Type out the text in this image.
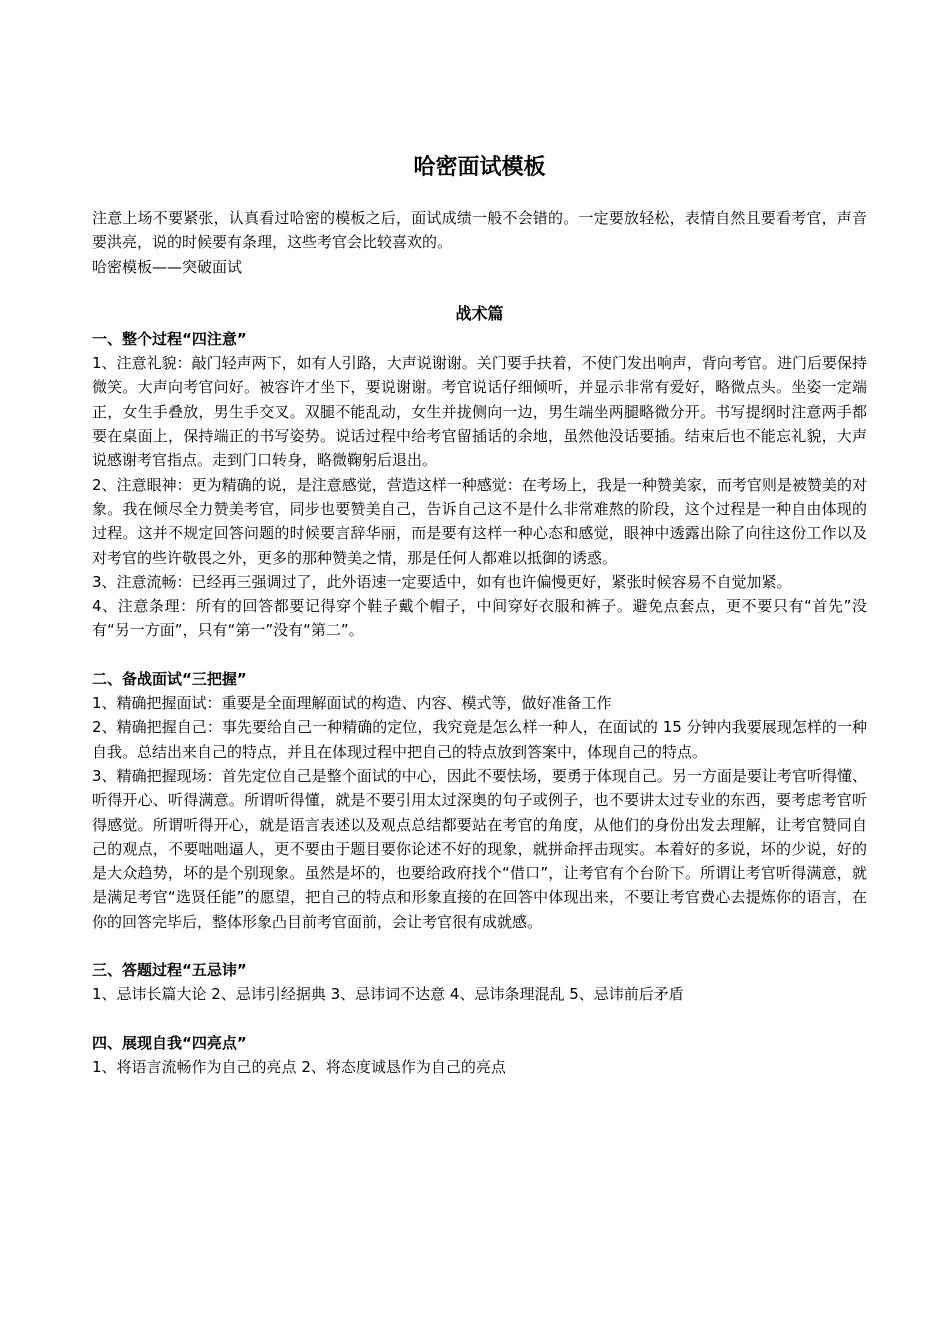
哈密面试模板

注意上场不要紧张，认真看过哈密的模板之后，面试成绩一般不会错的。一定要放轻松，表情自然且要看考官，声音要洪亮，说的时候要有条理，这些考官会比较喜欢的。

哈密模板——突破面试

战术篇

一、整个过程“四注意”

1、注意礼貌：敲门轻声两下，如有人引路，大声说谢谢。关门要手扶着，不使门发出响声，背向考官。进门后要保持微笑。大声向考官问好。被容许才坐下，要说谢谢。考官说话仔细倾听，并显示非常有爱好，略微点头。坐姿一定端正，女生手叠放，男生手交叉。双腿不能乱动，女生并拢侧向一边，男生端坐两腿略微分开。书写提纲时注意两手都要在桌面上，保持端正的书写姿势。说话过程中给考官留插话的余地，虽然他没话要插。结束后也不能忘礼貌，大声说感谢考官指点。走到门口转身，略微鞠躬后退出。

2、注意眼神：更为精确的说，是注意感觉，营造这样一种感觉：在考场上，我是一种赞美家，而考官则是被赞美的对象。我在倾尽全力赞美考官，同步也要赞美自己，告诉自己这不是什么非常难熬的阶段，这个过程是一种自由体现的过程。这并不规定回答问题的时候要言辞华丽，而是要有这样一种心态和感觉，眼神中透露出除了向往这份工作以及对考官的些许敬畏之外，更多的那种赞美之情，那是任何人都难以抵御的诱惑。

3、注意流畅：已经再三强调过了，此外语速一定要适中，如有也许偏慢更好，紧张时候容易不自觉加紧。

4、注意条理：所有的回答都要记得穿个鞋子戴个帽子，中间穿好衣服和裤子。避免点套点，更不要只有“首先”没有“另一方面”，只有“第一”没有“第二”。

二、备战面试“三把握”

1、精确把握面试：重要是全面理解面试的构造、内容、模式等，做好准备工作

2、精确把握自己：事先要给自己一种精确的定位，我究竟是怎么样一种人，在面试的 15 分钟内我要展现怎样的一种自我。总结出来自己的特点，并且在体现过程中把自己的特点放到答案中，体现自己的特点。

3、精确把握现场：首先定位自己是整个面试的中心，因此不要怯场，要勇于体现自己。另一方面是要让考官听得懂、听得开心、听得满意。所谓听得懂，就是不要引用太过深奥的句子或例子，也不要讲太过专业的东西，要考虑考官听得感觉。所谓听得开心，就是语言表述以及观点总结都要站在考官的角度，从他们的身份出发去理解，让考官赞同自己的观点，不要咄咄逼人，更不要由于题目要你论述不好的现象，就拼命抨击现实。本着好的多说，坏的少说，好的是大众趋势，坏的是个别现象。虽然是坏的，也要给政府找个“借口”，让考官有个台阶下。所谓让考官听得满意，就是满足考官“选贤任能”的愿望，把自己的特点和形象直接的在回答中体现出来，不要让考官费心去提炼你的语言，在你的回答完毕后，整体形象凸目前考官面前，会让考官很有成就感。

三、答题过程“五忌讳”

1、忌讳长篇大论 2、忌讳引经据典 3、忌讳词不达意 4、忌讳条理混乱 5、忌讳前后矛盾

四、展现自我“四亮点”

1、将语言流畅作为自己的亮点 2、将态度诚恳作为自己的亮点
